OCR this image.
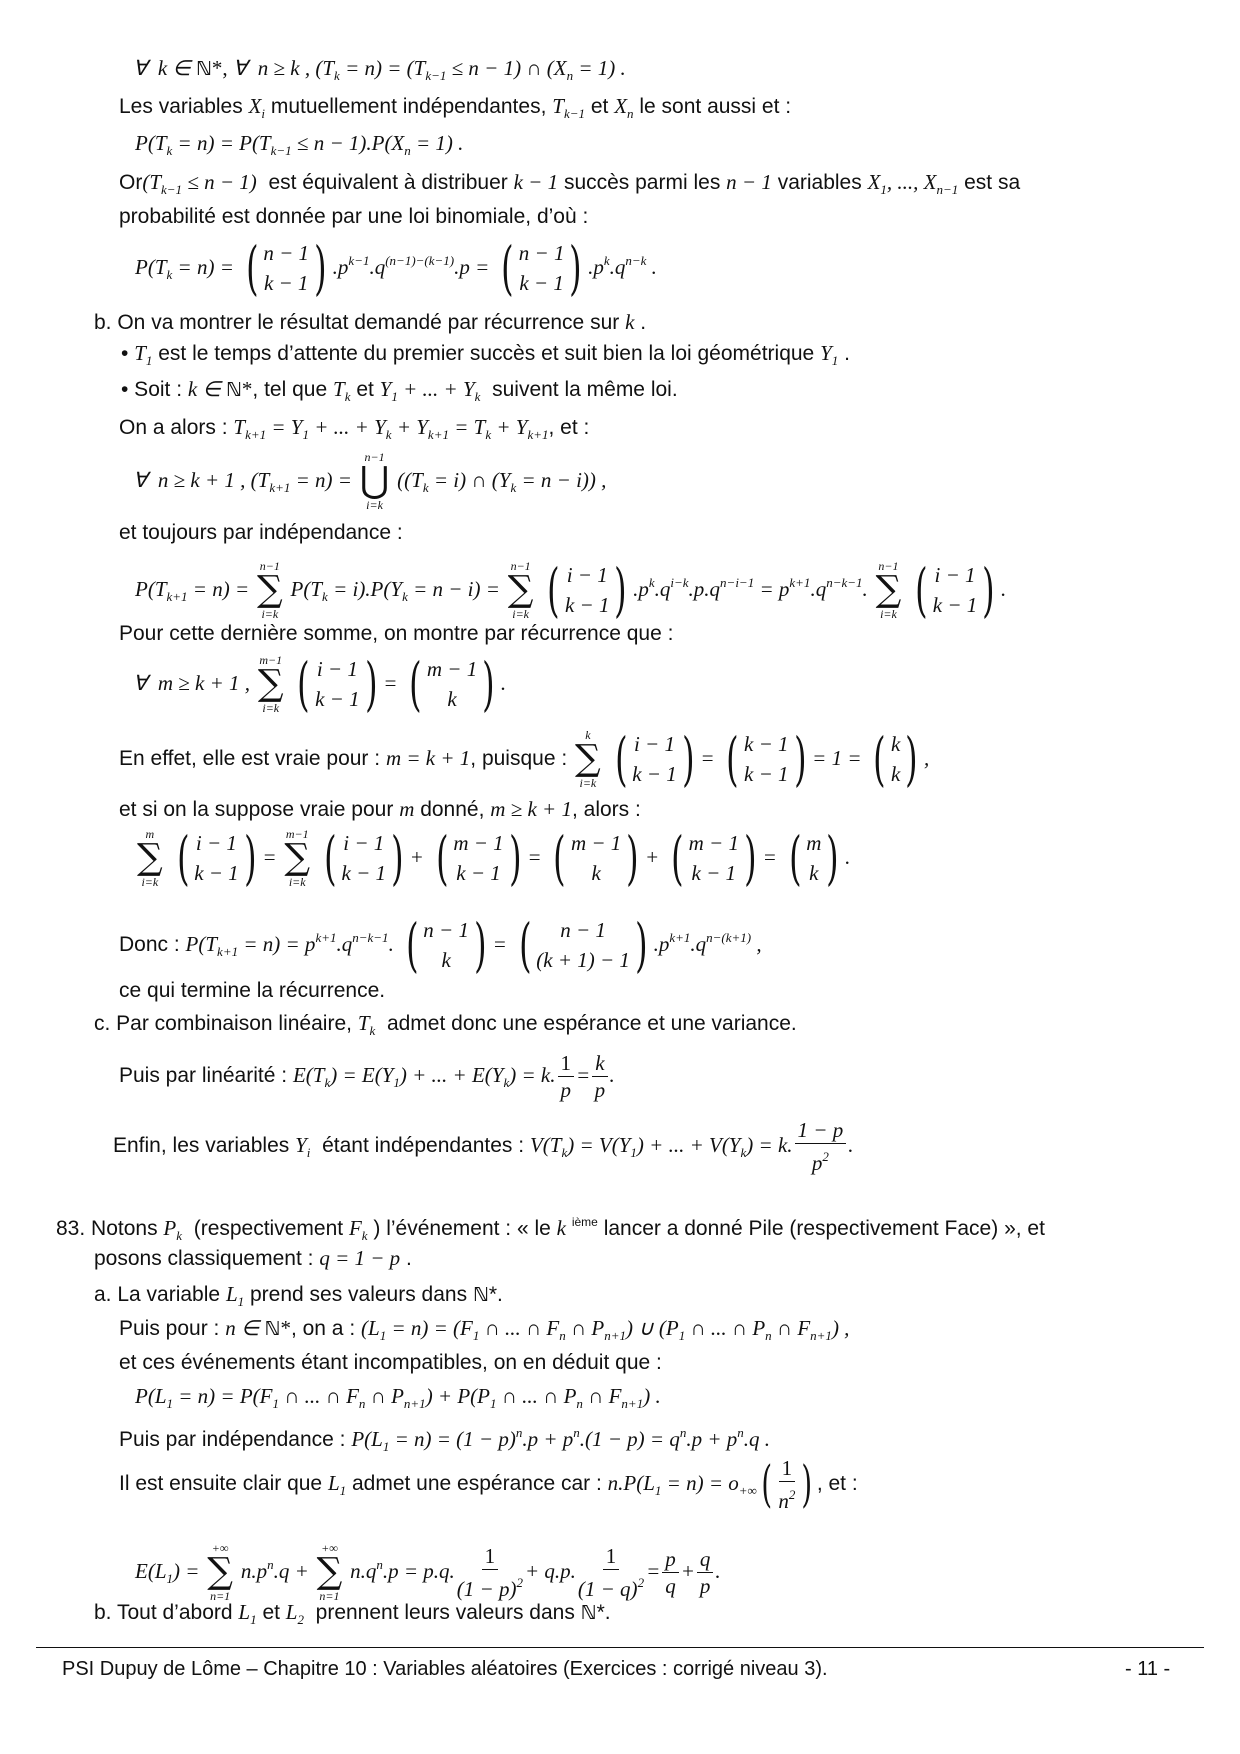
∀  k ∈ ℕ*, ∀  n ≥ k , $(T_k = n) = (T_{k-1} \le n - 1)$ ∩ $(X_n = 1)$ .
Les variables $X_i$ mutuellement indépendantes, $T_{k-1}$ et $X_n$ le sont aussi et :
$P(T_k = n) = P(T_{k-1} \le n - 1).P(X_n = 1)$ .
$Or(T_{k-1} \le n - 1)$ est équivalent à distribuer k − 1 succès parmi les n − 1 variables $X_1$, ..., $X_{n-1}$ est sa
probabilité est donnée par une loi binomiale, d’où :
$P(T_k = n)$ = ( n − 1
k − 1 ) $.p^{k-1}.q^{(n-1)-(k-1)}.p$ = ( n − 1
k − 1 ) $.p^k.q^{n-k}$ .
b. On va montrer le résultat demandé par récurrence sur k .
• $T_1$ est le temps d’attente du premier succès et suit bien la loi géométrique $Y_1$ .
• Soit : k ∈ ℕ*, tel que $T_k$ et $Y_1$ + ... + $Y_k$ suivent la même loi.
On a alors : $T_{k+1} = Y_1$ + ... + $Y_k + Y_{k+1} = T_k + Y_{k+1}$, et :
∀  n ≥ k + 1 , $(T_{k+1} = n)$ =
n−1
⋃
i=k
($(T_k = i)$ ∩ $(Y_k = n - i)$) ,
et toujours par indépendance :
$P(T_{k+1} = n)$ =
n−1
∑
i=k
$P(T_k = i).P(Y_k = n - i)$ =
n−1
∑
i=k
( i − 1
k − 1 ) $.p^k.q^{i-k}.p.q^{n-i-1} = p^{k+1}.q^{n-k-1}$.
n−1
∑
i=k
( i − 1
k − 1 ) .
Pour cette dernière somme, on montre par récurrence que :
∀  m ≥ k + 1 ,
m−1
∑
i=k
( i − 1
k − 1 ) = ( m − 1
k ) .
En effet, elle est vraie pour : m = k + 1, puisque :
k
∑
i=k
( i − 1
k − 1 ) = ( k − 1
k − 1 ) = 1 = ( k
k ) ,
et si on la suppose vraie pour m donné, m ≥ k + 1, alors :
m
∑
i=k
( i − 1
k − 1 ) =
m−1
∑
i=k
( i − 1
k − 1 ) + ( m − 1
k − 1 ) = ( m − 1
k ) + ( m − 1
k − 1 ) = ( m
k ) .
Donc : $P(T_{k+1} = n) = p^{k+1}.q^{n-k-1}$. ( n − 1
k ) = ( n − 1
(k + 1) − 1 ) $.p^{k+1}.q^{n-(k+1)}$ ,
ce qui termine la récurrence.
c. Par combinaison linéaire, $T_k$ admet donc une espérance et une variance.
Puis par linéarité : $E(T_k) = E(Y_1)$ + ... + $E(Y_k) = k$. $\frac{1}{p} = \frac{k}{p}$ .
Enfin, les variables $Y_i$ étant indépendantes : $V(T_k) = V(Y_1)$ + ... + $V(Y_k) = k$. $\frac{1 - p}{p^2}$ .
83. Notons $P_k$ (respectivement $F_k$ ) l’événement : « le k $^{ième}$ lancer a donné Pile (respectivement Face) », et
posons classiquement : q = 1 − p .
a. La variable $L_1$ prend ses valeurs dans ℕ*.
Puis pour : n ∈ ℕ*, on a : $(L_1 = n) = (F_1$ ∩ ... ∩ $F_n$ ∩ $P_{n+1}$) ∪ ($P_1$ ∩ ... ∩ $P_n$ ∩ $F_{n+1}$) ,
et ces événements étant incompatibles, on en déduit que :
$P(L_1 = n) = P(F_1$ ∩ ... ∩ $F_n$ ∩ $P_{n+1}) + P(P_1$ ∩ ... ∩ $P_n$ ∩ $F_{n+1}$) .
Puis par indépendance : $P(L_1 = n) = (1 - p)^n.p + p^n.(1 - p) = q^n.p + p^n.q$ .
Il est ensuite clair que $L_1$ admet une espérance car : $n.P(L_1 = n) = o_{+\infty}( \frac{1}{n^2}$ ) , et :
$E(L_1)$ =
+∞
∑
n=1
$n.p^n.q$ +
+∞
∑
n=1
$n.q^n.p = p.q$. $\frac{1}{(1 - p)^2} + q.p$. $\frac{1}{(1 - q)^2} = \frac{p}{q} + \frac{q}{p}$ .
b. Tout d’abord $L_1$ et $L_2$ prennent leurs valeurs dans ℕ*.
PSI Dupuy de Lôme – Chapitre 10 : Variables aléatoires (Exercices : corrigé niveau 3).	- 11 -
